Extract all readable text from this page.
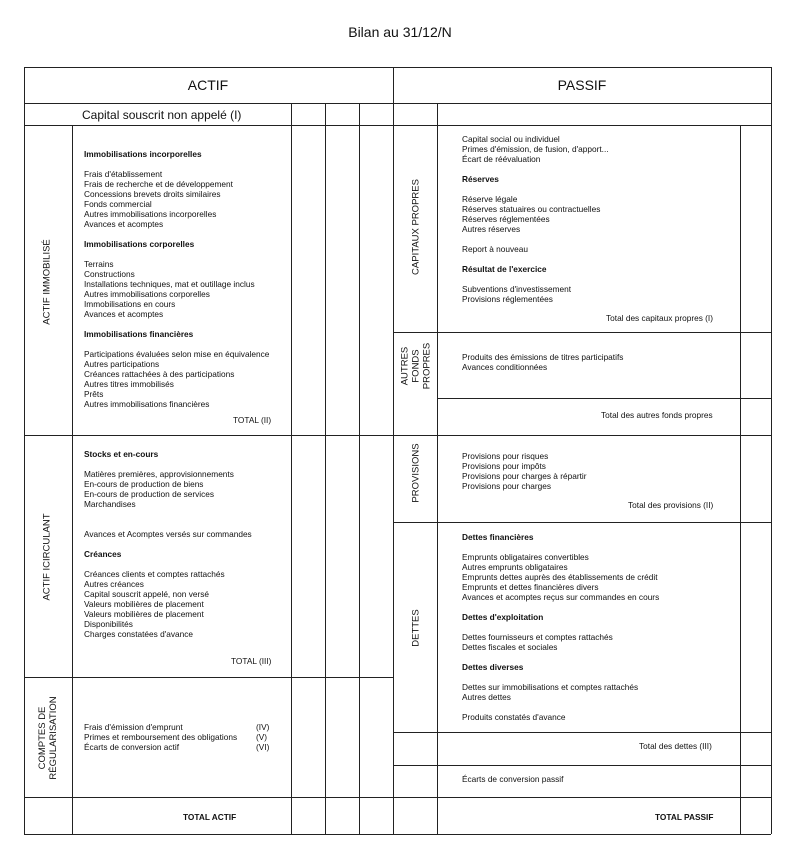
Bilan au 31/12/N
ACTIF	PASSIF
Capital souscrit non appelé (I)
ACTIF IMMOBILISÉ
ACTIF ICIRCULANT
COMPTES DE RÉGULARISATION
Immobilisations incorporelles
Frais d'établissement
Frais de recherche et de développement
Concessions brevets droits similaires
Fonds commercial
Autres immobilisations incorporelles
Avances et acomptes
Immobilisations corporelles
Terrains
Constructions
Installations techniques, mat et outillage inclus
Autres immobilisations corporelles
Immobilisations en cours
Avances et acomptes
Immobilisations financières
Participations évaluées selon mise en équivalence
Autres participations
Créances rattachées à des participations
Autres titres immobilisés
Prêts
Autres immobilisations financières
TOTAL (II)
Stocks et en-cours
Matières premières, approvisionnements
En-cours de production de biens
En-cours de production de services
Marchandises
Avances et Acomptes versés sur commandes
Créances
Créances clients et comptes rattachés
Autres créances
Capital souscrit appelé, non versé
Valeurs mobilières de placement
Valeurs mobilières de placement
Disponibilités
Charges constatées d'avance
TOTAL (III)
Frais d'émission d'emprunt
Primes et remboursement des obligations
Écarts de conversion actif
(IV)
(V)
(VI)
TOTAL ACTIF
CAPITAUX PROPRES
AUTRES FONDS PROPRES
PROVISIONS
DETTES
Capital social ou individuel
Primes d'émission, de fusion, d'apport...
Écart de réévaluation
Réserves
Réserve légale
Réserves statuaires ou contractuelles
Réserves réglementées
Autres réserves
Report à nouveau
Résultat de l'exercice
Subventions d'investissement
Provisions réglementées
Total des capitaux propres (I)
Produits des émissions de titres participatifs
Avances conditionnées
Total des autres fonds propres
Provisions pour risques
Provisions pour impôts
Provisions pour charges à répartir
Provisions pour charges
Total des provisions (II)
Dettes financières
Emprunts obligataires convertibles
Autres emprunts obligataires
Emprunts dettes auprès des établissements de crédit
Emprunts et dettes financières divers
Avances et acomptes reçus sur commandes en cours
Dettes d'exploitation
Dettes fournisseurs et comptes rattachés
Dettes fiscales et sociales
Dettes diverses
Dettes sur immobilisations et comptes rattachés
Autres dettes
Produits constatés d'avance
Total des dettes (III)
Écarts de conversion passif
TOTAL PASSIF
